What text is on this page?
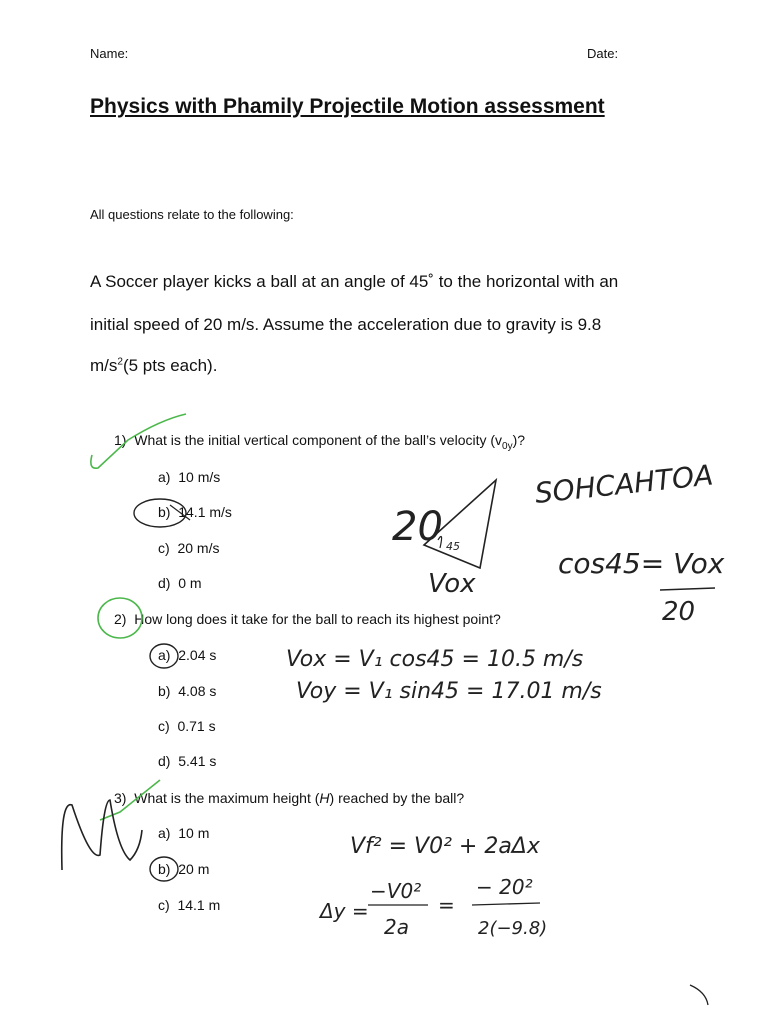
Name:	Date:
Physics with Phamily Projectile Motion assessment
All questions relate to the following:
A Soccer player kicks a ball at an angle of 45˚ to the horizontal with an
initial speed of 20 m/s. Assume the acceleration due to gravity is 9.8
$m/s^2(5$ pts each).
1) What is the initial vertical component of the ball’s velocity $(v_{0y})$?
a) 10 m/s
b) 14.1 m/s
c) 20 m/s
d) 0 m
2) How long does it take for the ball to reach its highest point?
a) 2.04 s
b) 4.08 s
c) 0.71 s
d) 5.41 s
3) What is the maximum height (H) reached by the ball?
a) 10 m
b) 20 m
c) 14.1 m
20 45
Vox
SOHCAHTOA
cos45= Vox
20
Vox = V₁ cos45 = 10.5 m/s
Voy = V₁ sin45 = 17.01 m/s
Vf² = V0² + 2aΔx
Δy =
−V0²
2a
=
− 20²
2(−9.8)
